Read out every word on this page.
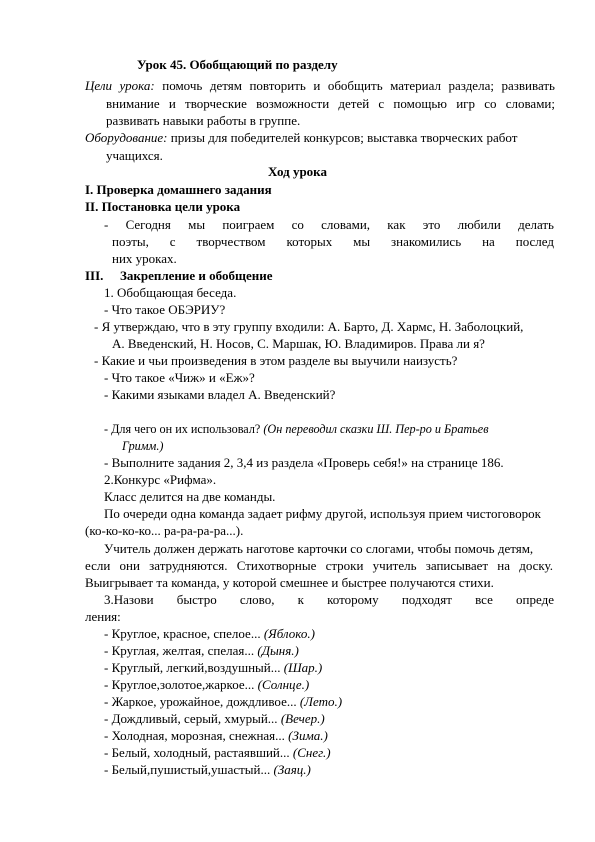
Урок 45. Обобщающий по разделу
Цели урока: помочь детям повторить и обобщить материал раздела; развивать
внимание и творческие возможности детей с помощью игр со словами;
развивать навыки работы в группе.
Оборудование: призы для победителей конкурсов; выставка творческих работ
учащихся.
Ход урока
I. Проверка домашнего задания
II. Постановка цели урока
- Сегодня мы поиграем со словами, как это любили делать
поэты, с творчеством которых мы знакомились на послед
них уроках.
III. Закрепление и обобщение
1. Обобщающая беседа.
- Что такое ОБЭРИУ?
- Я утверждаю, что в эту группу входили: А. Барто, Д. Хармс, Н. Заболоцкий,
А. Введенский, Н. Носов, С. Маршак, Ю. Владимиров. Права ли я?
- Какие и чьи произведения в этом разделе вы выучили наизусть?
- Что такое «Чиж» и «Еж»?
- Какими языками владел А. Введенский?
- Для чего он их использовал? (Он переводил сказки Ш. Пер-ро и Братьев
Гримм.)
- Выполните задания 2, 3,4 из раздела «Проверь себя!» на странице 186.
2.Конкурс «Рифма».
Класс делится на две команды.
По очереди одна команда задает рифму другой, используя прием чистоговорок
(ко-ко-ко-ко... ра-ра-ра-ра...).
Учитель должен держать наготове карточки со слогами, чтобы помочь детям,
если они затрудняются. Стихотворные строки учитель записывает на доску.
Выигрывает та команда, у которой смешнее и быстрее получаются стихи.
3.Назови быстро слово, к которому подходят все опреде
ления:
- Круглое, красное, спелое... (Яблоко.)
- Круглая, желтая, спелая... (Дыня.)
- Круглый, легкий,воздушный... (Шар.)
- Круглое,золотое,жаркое... (Солнце.)
- Жаркое, урожайное, дождливое... (Лето.)
- Дождливый, серый, хмурый... (Вечер.)
- Холодная, морозная, снежная... (Зима.)
- Белый, холодный, растаявший... (Снег.)
- Белый,пушистый,ушастый... (Заяц.)
